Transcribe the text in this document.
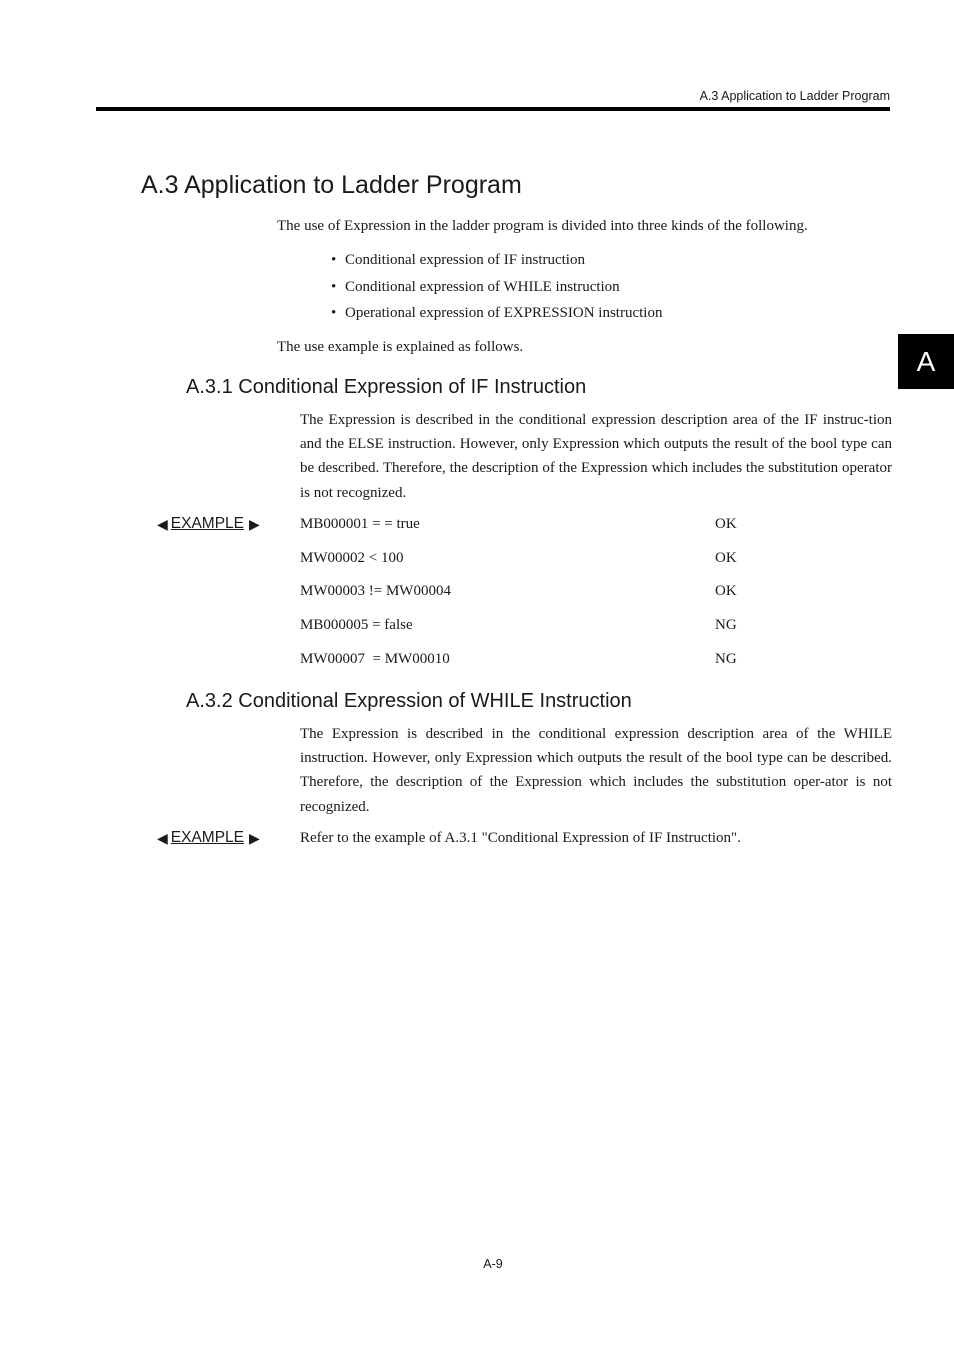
A.3 Application to Ladder Program
A
A.3 Application to Ladder Program
The use of Expression in the ladder program is divided into three kinds of the following.
• Conditional expression of IF instruction
• Conditional expression of WHILE instruction
• Operational expression of EXPRESSION instruction
The use example is explained as follows.
A.3.1 Conditional Expression of IF Instruction
The Expression is described in the conditional expression description area of the IF instruc-tion and the ELSE instruction. However, only Expression which outputs the result of the bool type can be described. Therefore, the description of the Expression which includes the substitution operator is not recognized.
◀ EXAMPLE ▶	MB000001 = = true	OK
MW00002 < 100	OK
MW00003 != MW00004	OK
MB000005 = false	NG
MW00007  = MW00010	NG
A.3.2 Conditional Expression of WHILE Instruction
The Expression is described in the conditional expression description area of the WHILE instruction. However, only Expression which outputs the result of the bool type can be described. Therefore, the description of the Expression which includes the substitution oper-ator is not recognized.
◀ EXAMPLE ▶	Refer to the example of A.3.1 "Conditional Expression of IF Instruction".
A-9
